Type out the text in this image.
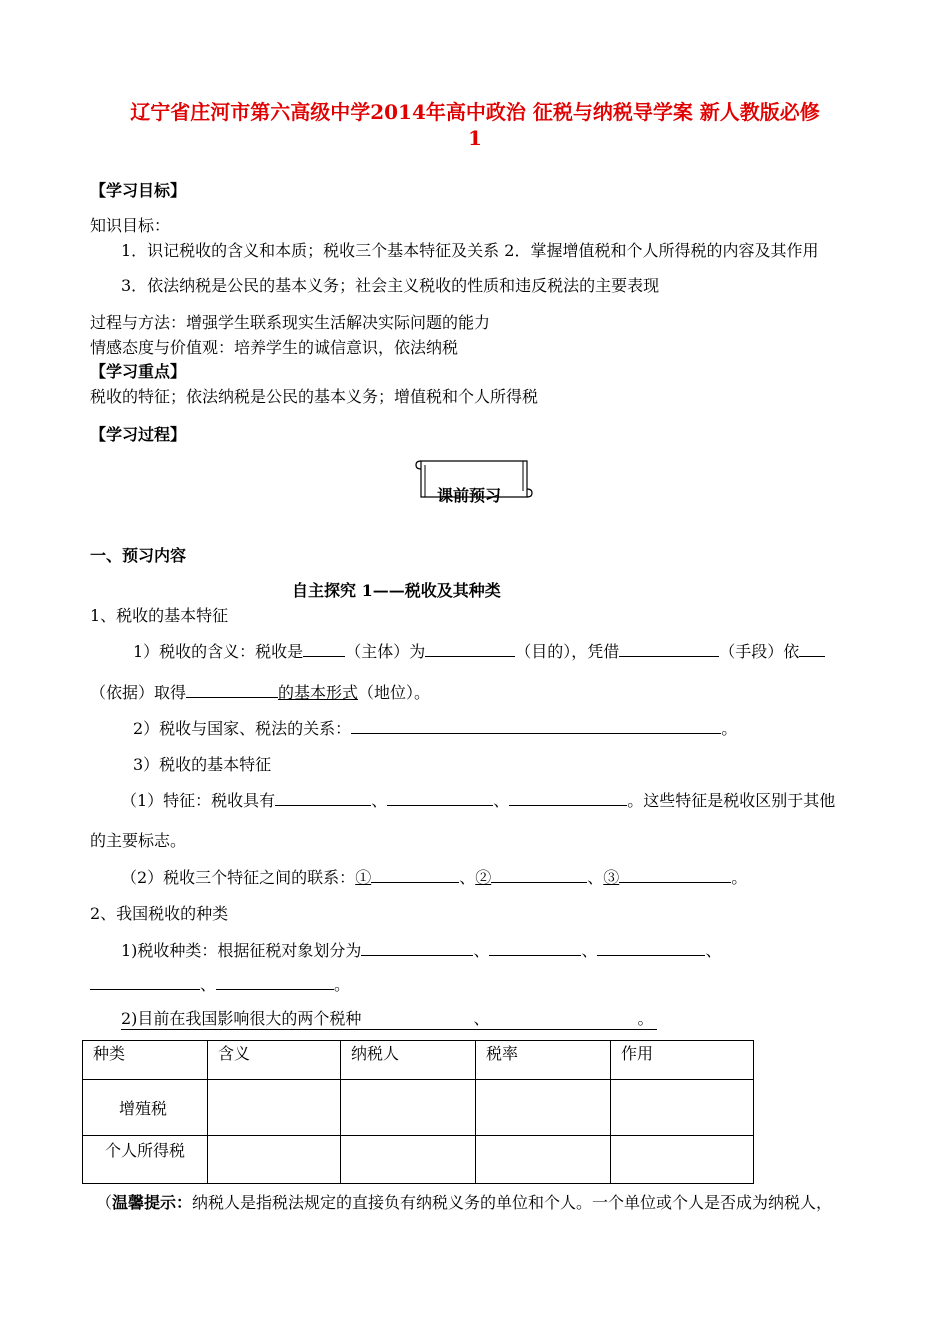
辽宁省庄河市第六高级中学2014年高中政治 征税与纳税导学案 新人教版必修
1
【学习目标】
知识目标：
1．识记税收的含义和本质；税收三个基本特征及关系 2．掌握增值税和个人所得税的内容及其作用
3．依法纳税是公民的基本义务；社会主义税收的性质和违反税法的主要表现
过程与方法：增强学生联系现实生活解决实际问题的能力
情感态度与价值观：培养学生的诚信意识，依法纳税
【学习重点】
税收的特征；依法纳税是公民的基本义务；增值税和个人所得税
【学习过程】
课前预习
一、预习内容
自主探究 1——税收及其种类
1、税收的基本特征
1）税收的含义：税收是	（主体）为	（目的），凭借	（手段）依
（依据）取得	的基本形式（地位）。
2）税收与国家、税法的关系：	。
3）税收的基本特征
（1）特征：税收具有	、	、	。这些特征是税收区别于其他
的主要标志。
（2）税收三个特征之间的联系：①	、②	、③	。
2、我国税收的种类
1)税收种类：根据征税对象划分为	、	、	、
、	。
2)目前在我国影响很大的两个税种	、	。
种类	含义	纳税人	税率	作用
增殖税				
个人所得税				
（温馨提示：纳税人是指税法规定的直接负有纳税义务的单位和个人。一个单位或个人是否成为纳税人，
